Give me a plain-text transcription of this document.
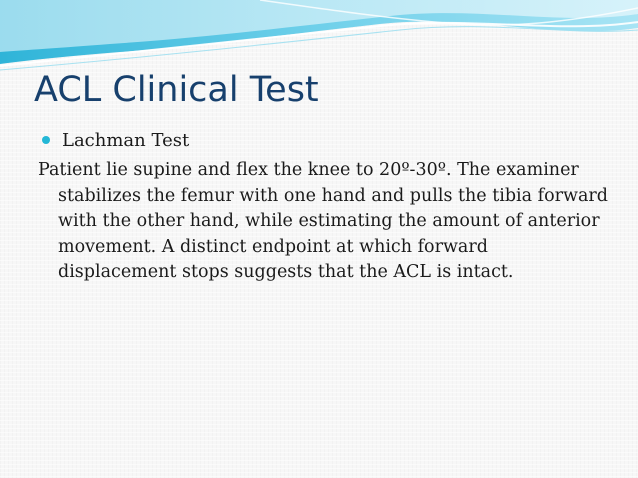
ACL Clinical Test
Lachman Test

Patient lie supine and flex the knee to 20º-30º. The examiner stabilizes the femur with one hand and pulls the tibia forward with the other hand, while estimating the amount of anterior movement. A distinct endpoint at which forward displacement stops suggests that the ACL is intact.
